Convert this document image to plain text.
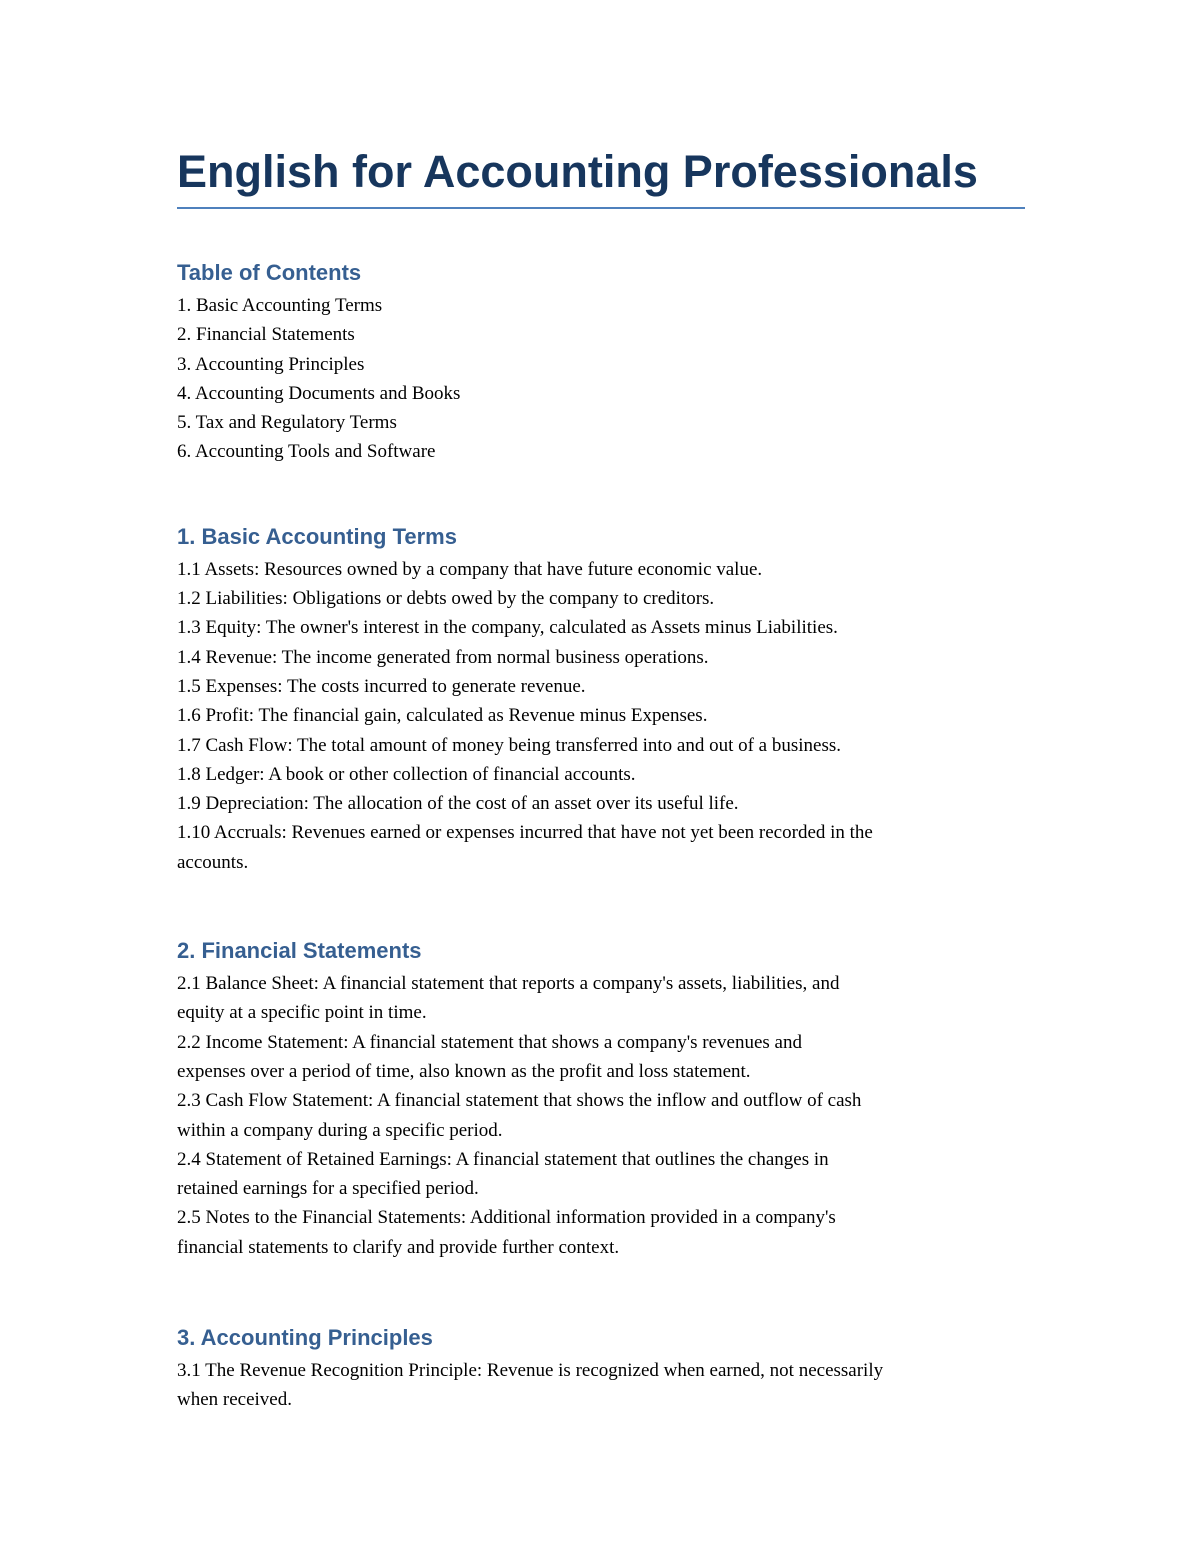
English for Accounting Professionals
Table of Contents

1. Basic Accounting Terms

2. Financial Statements

3. Accounting Principles

4. Accounting Documents and Books

5. Tax and Regulatory Terms

6. Accounting Tools and Software

1. Basic Accounting Terms

1.1 Assets: Resources owned by a company that have future economic value.

1.2 Liabilities: Obligations or debts owed by the company to creditors.

1.3 Equity: The owner's interest in the company, calculated as Assets minus Liabilities.

1.4 Revenue: The income generated from normal business operations.

1.5 Expenses: The costs incurred to generate revenue.

1.6 Profit: The financial gain, calculated as Revenue minus Expenses.

1.7 Cash Flow: The total amount of money being transferred into and out of a business.

1.8 Ledger: A book or other collection of financial accounts.

1.9 Depreciation: The allocation of the cost of an asset over its useful life.

1.10 Accruals: Revenues earned or expenses incurred that have not yet been recorded in the

accounts.

2. Financial Statements

2.1 Balance Sheet: A financial statement that reports a company's assets, liabilities, and

equity at a specific point in time.

2.2 Income Statement: A financial statement that shows a company's revenues and

expenses over a period of time, also known as the profit and loss statement.

2.3 Cash Flow Statement: A financial statement that shows the inflow and outflow of cash

within a company during a specific period.

2.4 Statement of Retained Earnings: A financial statement that outlines the changes in

retained earnings for a specified period.

2.5 Notes to the Financial Statements: Additional information provided in a company's

financial statements to clarify and provide further context.

3. Accounting Principles

3.1 The Revenue Recognition Principle: Revenue is recognized when earned, not necessarily

when received.
